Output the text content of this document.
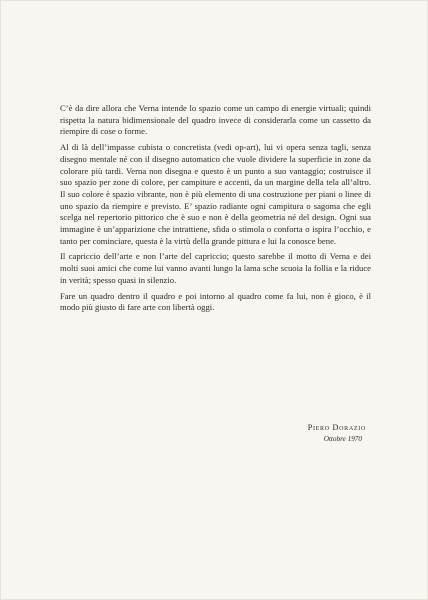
C’è da dire allora che Verna intende lo spazio come un campo di energie virtuali; quindi rispetta la natura bidimensionale del quadro invece di considerarla come un cassetto da riempire di cose o forme.

Al di là dell’impasse cubista o concretista (vedi op-art), lui vi opera senza tagli, senza disegno mentale né con il disegno automatico che vuole dividere la superficie in zone da colorare più tardi. Verna non disegna e questo è un punto a suo vantaggio; costruisce il suo spazio per zone di colore, per campiture e accenti, da un margine della tela all’altro. Il suo colore è spazio vibrante, non è più elemento di una costruzione per piani o linee di uno spazio da riempire e previsto. E’ spazio radiante ogni campitura o sagoma che egli scelga nel repertorio pittorico che è suo e non è della geometria né del design. Ogni sua immagine è un’apparizione che intrattiene, sfida o stimola o conforta o ispira l’occhio, e tanto per cominciare, questa è la virtù della grande pittura e lui la conosce bene.

Il capriccio dell’arte e non l’arte del capriccio; questo sarebbe il motto di Verna e dei molti suoi amici che come lui vanno avanti lungo la lama sche scuoia la follia e la riduce in verità; spesso quasi in silenzio.

Fare un quadro dentro il quadro e poi intorno al quadro come fa lui, non è gioco, è il modo più giusto di fare arte con libertà oggi.

Piero Dorazio
Ottobre 1970
